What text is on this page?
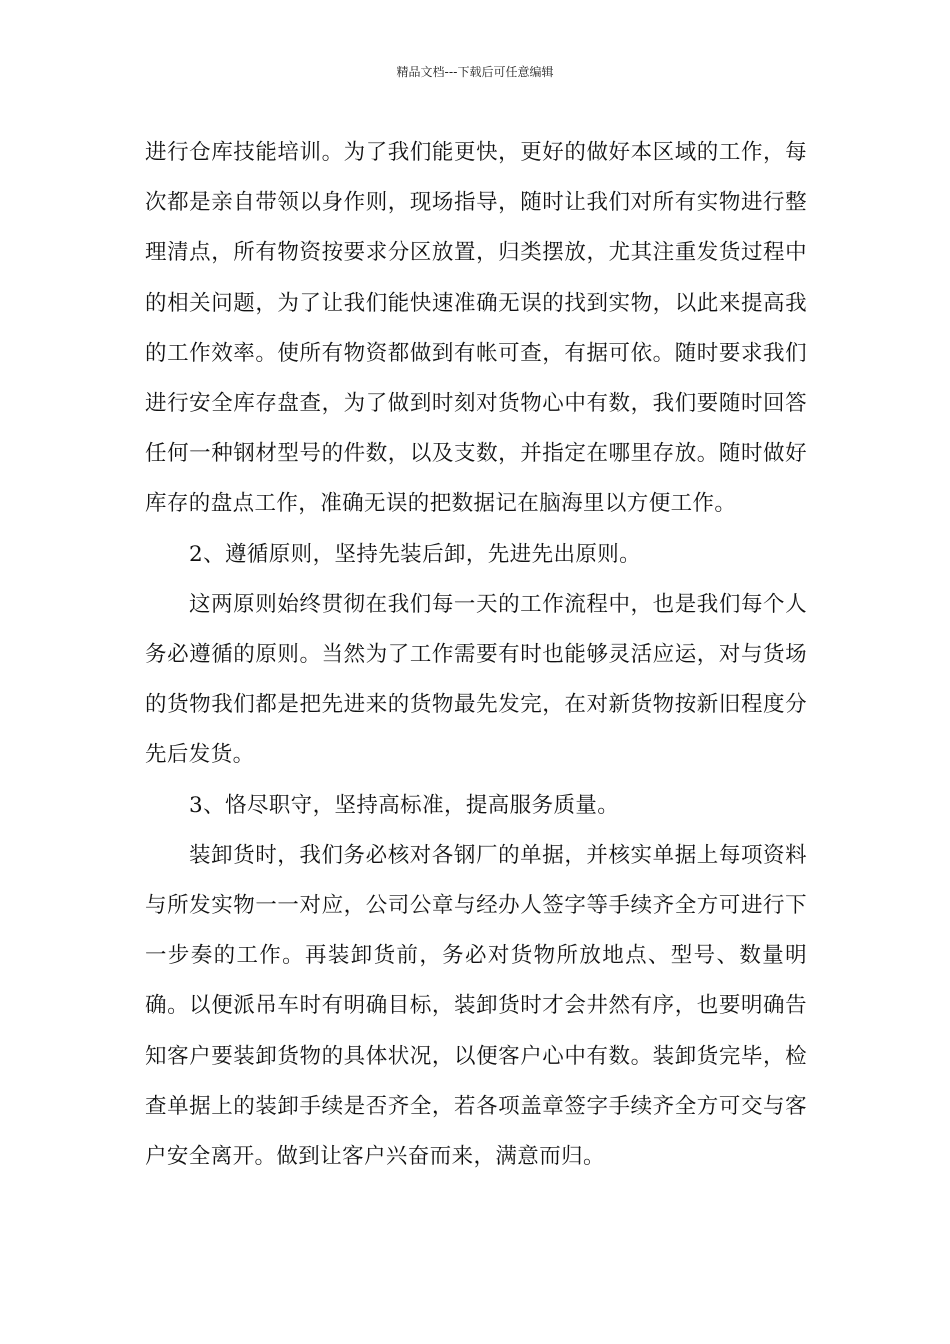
精品文档---下载后可任意编辑

进行仓库技能培训。为了我们能更快，更好的做好本区域的工作，每次都是亲自带领以身作则，现场指导，随时让我们对所有实物进行整理清点，所有物资按要求分区放置，归类摆放，尤其注重发货过程中的相关问题，为了让我们能快速准确无误的找到实物，以此来提高我的工作效率。使所有物资都做到有帐可查，有据可依。随时要求我们进行安全库存盘查，为了做到时刻对货物心中有数，我们要随时回答任何一种钢材型号的件数，以及支数，并指定在哪里存放。随时做好库存的盘点工作，准确无误的把数据记在脑海里以方便工作。

2、遵循原则，坚持先装后卸，先进先出原则。

这两原则始终贯彻在我们每一天的工作流程中，也是我们每个人务必遵循的原则。当然为了工作需要有时也能够灵活应运，对与货场的货物我们都是把先进来的货物最先发完，在对新货物按新旧程度分先后发货。

3、恪尽职守，坚持高标准，提高服务质量。

装卸货时，我们务必核对各钢厂的单据，并核实单据上每项资料与所发实物一一对应，公司公章与经办人签字等手续齐全方可进行下一步奏的工作。再装卸货前，务必对货物所放地点、型号、数量明确。以便派吊车时有明确目标，装卸货时才会井然有序，也要明确告知客户要装卸货物的具体状况，以便客户心中有数。装卸货完毕，检查单据上的装卸手续是否齐全，若各项盖章签字手续齐全方可交与客户安全离开。做到让客户兴奋而来，满意而归。
